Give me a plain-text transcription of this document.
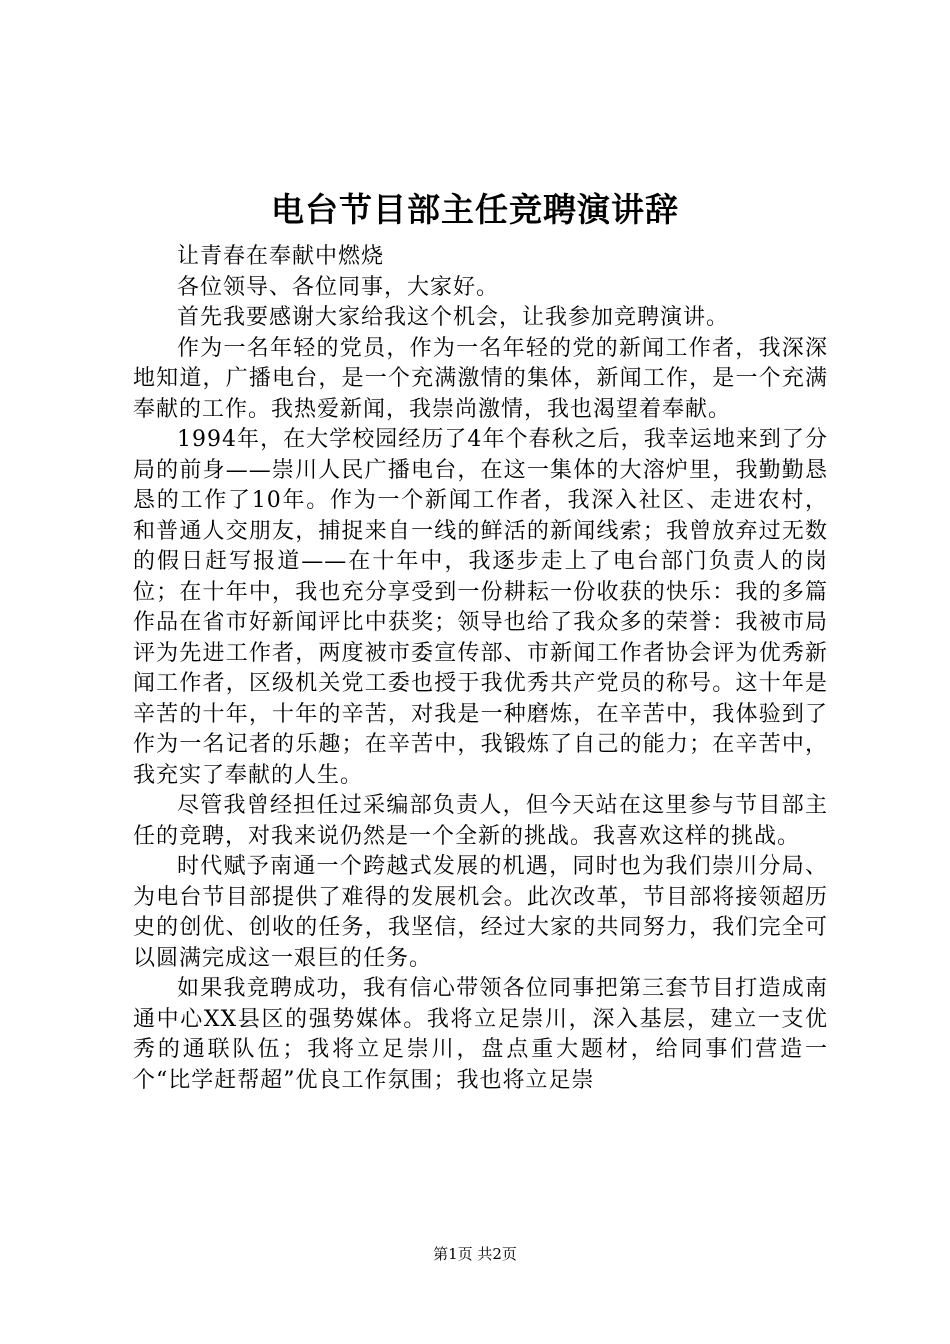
电台节目部主任竞聘演讲辞

让青春在奉献中燃烧

各位领导、各位同事，大家好。

首先我要感谢大家给我这个机会，让我参加竞聘演讲。

作为一名年轻的党员，作为一名年轻的党的新闻工作者，我深深地知道，广播电台，是一个充满激情的集体，新闻工作，是一个充满奉献的工作。我热爱新闻，我崇尚激情，我也渴望着奉献。

1994年，在大学校园经历了4年个春秋之后，我幸运地来到了分局的前身——崇川人民广播电台，在这一集体的大溶炉里，我勤勤恳恳的工作了10年。作为一个新闻工作者，我深入社区、走进农村，和普通人交朋友，捕捉来自一线的鲜活的新闻线索；我曾放弃过无数的假日赶写报道——在十年中，我逐步走上了电台部门负责人的岗位；在十年中，我也充分享受到一份耕耘一份收获的快乐：我的多篇作品在省市好新闻评比中获奖；领导也给了我众多的荣誉：我被市局评为先进工作者，两度被市委宣传部、市新闻工作者协会评为优秀新闻工作者，区级机关党工委也授于我优秀共产党员的称号。这十年是辛苦的十年，十年的辛苦，对我是一种磨炼，在辛苦中，我体验到了作为一名记者的乐趣；在辛苦中，我锻炼了自己的能力；在辛苦中，我充实了奉献的人生。

尽管我曾经担任过采编部负责人，但今天站在这里参与节目部主任的竞聘，对我来说仍然是一个全新的挑战。我喜欢这样的挑战。

时代赋予南通一个跨越式发展的机遇，同时也为我们崇川分局、为电台节目部提供了难得的发展机会。此次改革，节目部将接领超历史的创优、创收的任务，我坚信，经过大家的共同努力，我们完全可以圆满完成这一艰巨的任务。

如果我竞聘成功，我有信心带领各位同事把第三套节目打造成南通中心XX县区的强势媒体。我将立足崇川，深入基层，建立一支优秀的通联队伍；我将立足崇川，盘点重大题材，给同事们营造一个“比学赶帮超”优良工作氛围；我也将立足崇

第1页 共2页
